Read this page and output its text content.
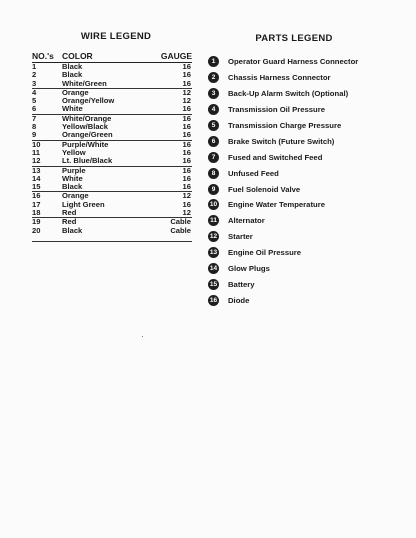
WIRE LEGEND
NO.'s COLOR	GAUGE
1	Black	16
2	Black	16
3	White/Green	16
4	Orange	12
5	Orange/Yellow	12
6	White	16
7	White/Orange	16
8	Yellow/Black	16
9	Orange/Green	16
10	Purple/White	16
11	Yellow	16
12	Lt. Blue/Black	16
13	Purple	16
14	White	16
15	Black	16
16	Orange	12
17	Light Green	16
18	Red	12
19	Red	Cable
20	Black	Cable
PARTS LEGEND
1	Operator Guard Harness Connector
2	Chassis Harness Connector
3	Back-Up Alarm Switch (Optional)
4	Transmission Oil Pressure
5	Transmission Charge Pressure
6	Brake Switch (Future Switch)
7	Fused and Switched Feed
8	Unfused Feed
9	Fuel Solenoid Valve
10 Engine Water Temperature
11 Alternator
12 Starter
13 Engine Oil Pressure
14 Glow Plugs
15 Battery
16 Diode
